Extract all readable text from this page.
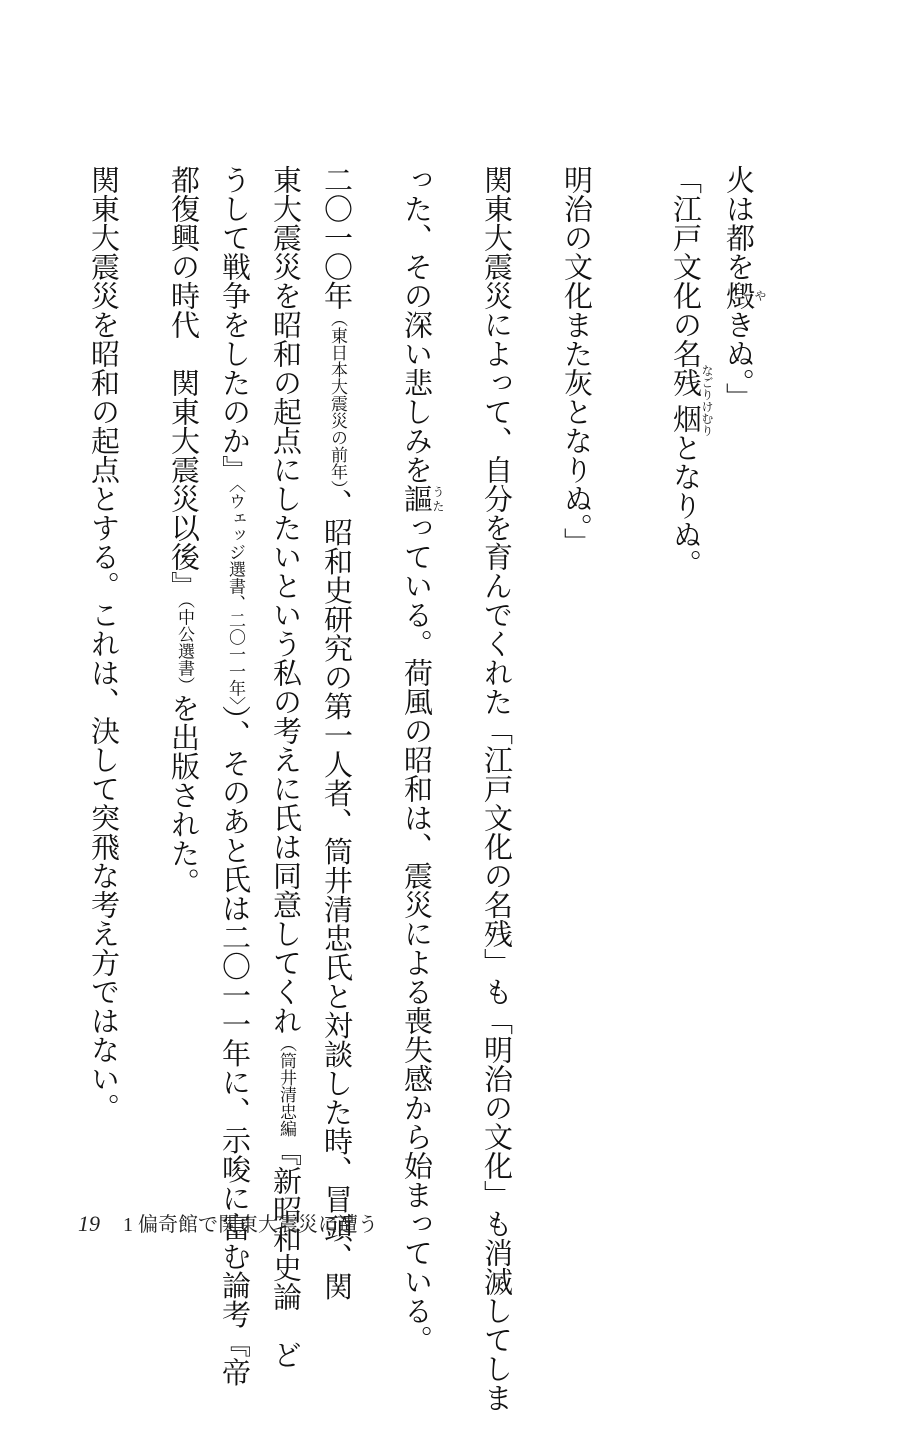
火は都を燬やきぬ。」
「江戸文化の名残烟なごりけむりとなりぬ。
明治の文化また灰となりぬ。」
関東大震災によって、自分を育んでくれた「江戸文化の名残」も「明治の文化」も消滅してしま
った、その深い悲しみを謳うたっている。荷風の昭和は、震災による喪失感から始まっている。
二〇一〇年（東日本大震災の前年）、昭和史研究の第一人者、筒井清忠氏と対談した時、冒頭、関
東大震災を昭和の起点にしたいという私の考えに氏は同意してくれ（筒井清忠編『新昭和史論　ど
うして戦争をしたのか』〈ウェッジ選書、二〇一一年〉）、そのあと氏は二〇一一年に、示唆に富む論考『帝
都復興の時代　関東大震災以後』（中公選書）を出版された。
関東大震災を昭和の起点とする。これは、決して突飛な考え方ではない。

19 1 偏奇館で関東大震災に遭う
